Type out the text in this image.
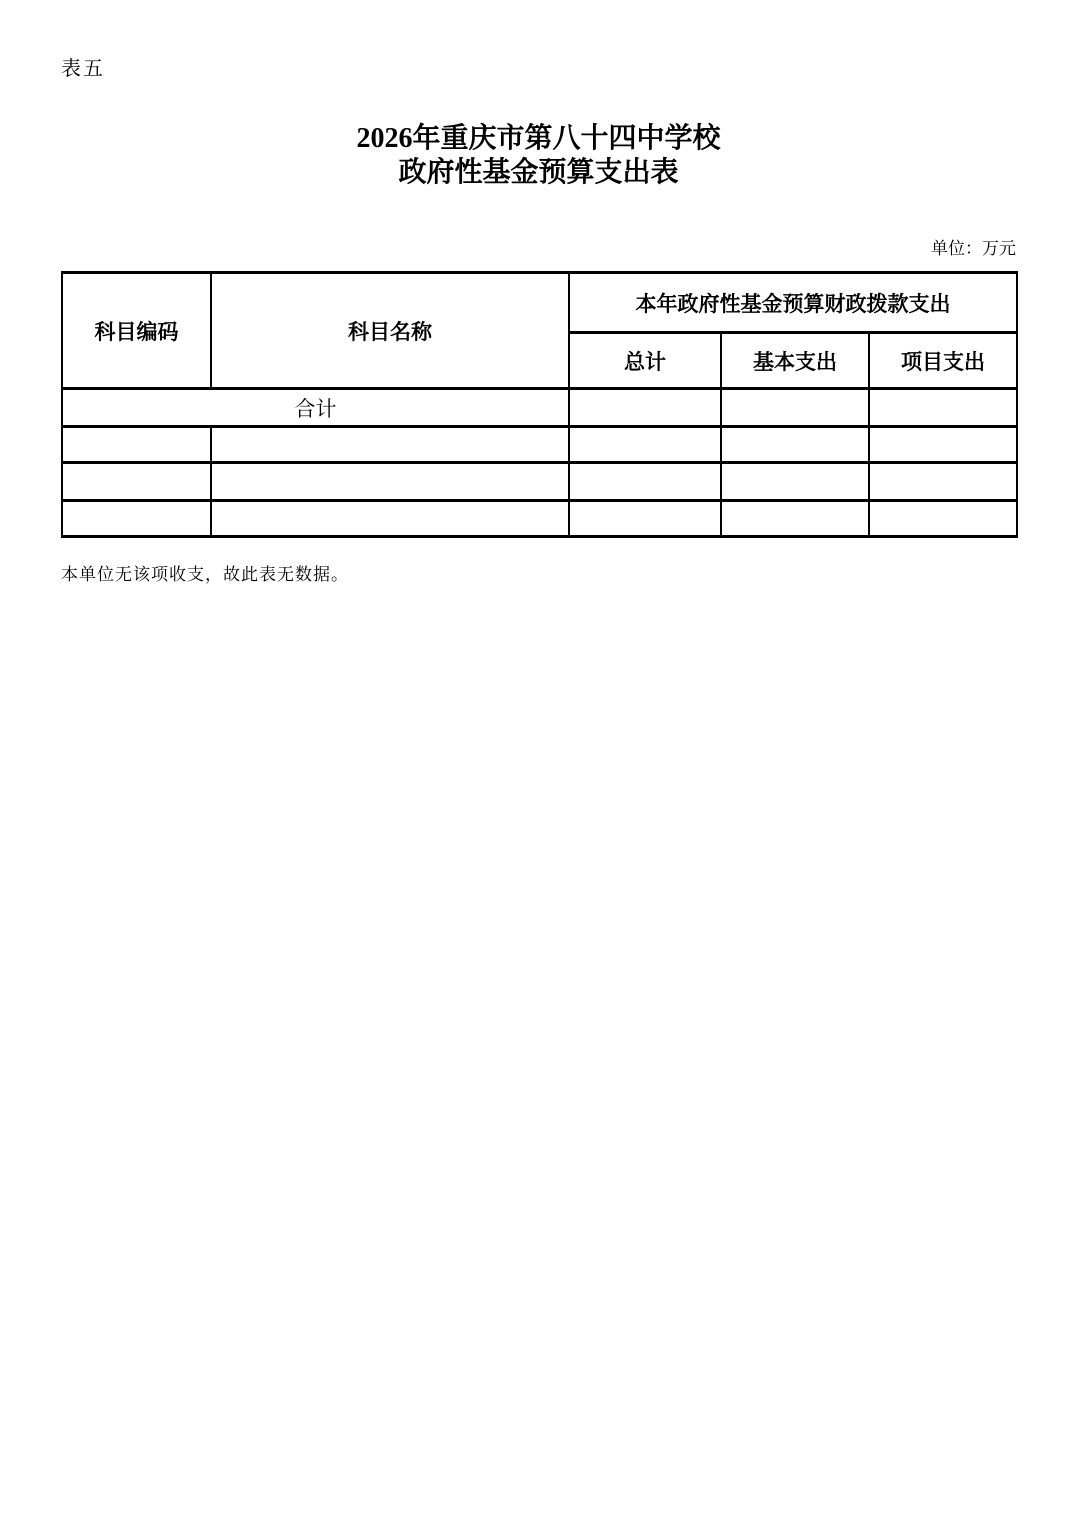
表五
2026年重庆市第八十四中学校
政府性基金预算支出表
单位：万元
科目编码	科目名称	本年政府性基金预算财政拨款支出		
		总计	基本支出	项目支出
合计				

本单位无该项收支，故此表无数据。
